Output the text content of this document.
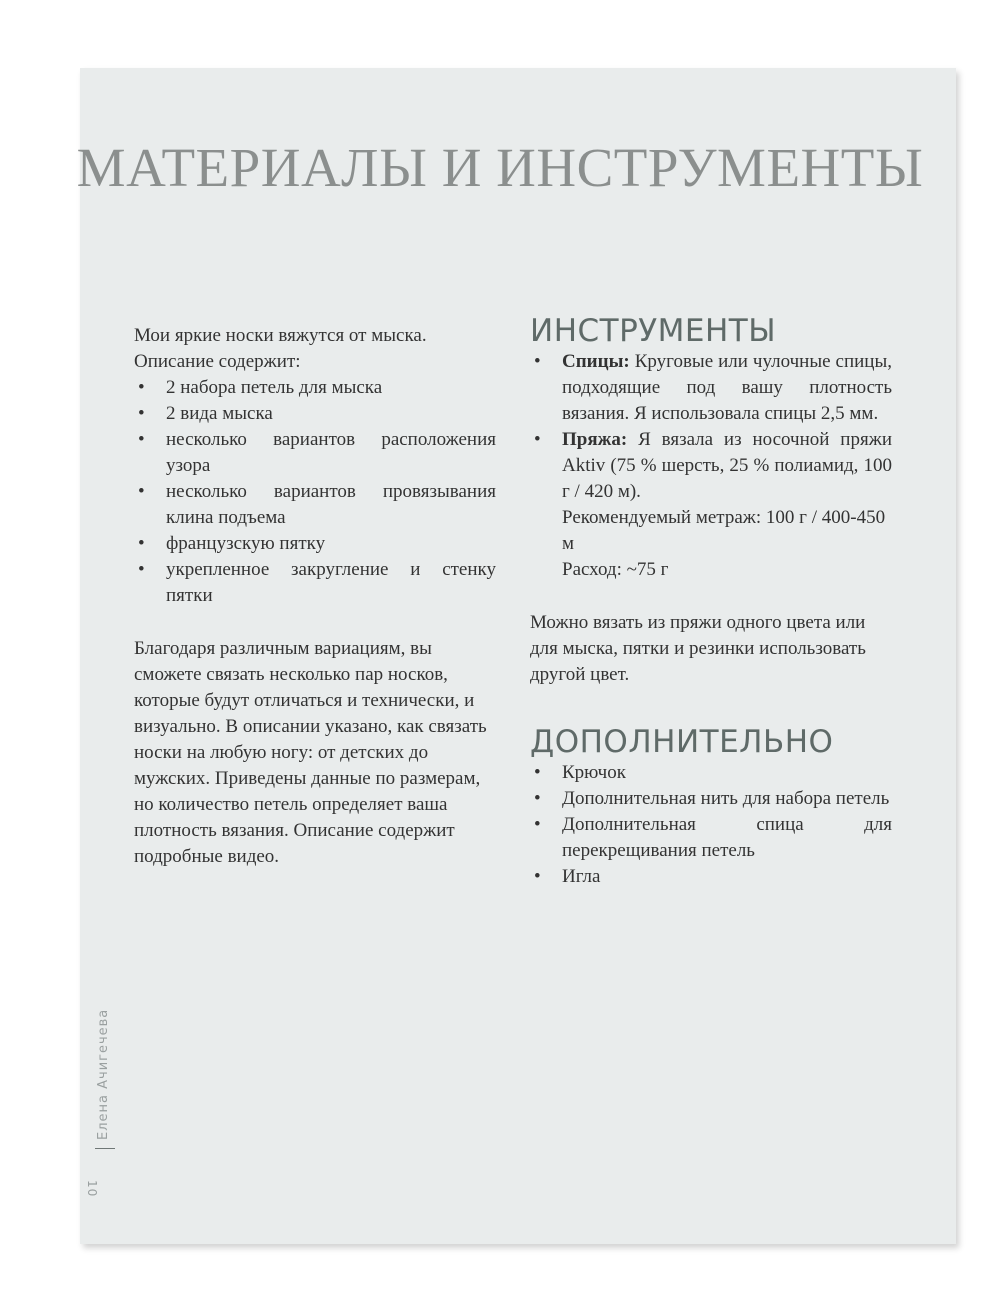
МАТЕРИАЛЫ И ИНСТРУМЕНТЫ

Мои яркие носки вяжутся от мыска. Описание содержит:

• 2 набора петель для мыска
• 2 вида мыска
• несколько вариантов расположения узора
• несколько вариантов провязывания клина подъема
• французскую пятку
• укрепленное закругление и стенку пятки

Благодаря различным вариациям, вы сможете связать несколько пар носков, которые будут отличаться и технически, и визуально. В описании указано, как связать носки на любую ногу: от детских до мужских. Приведены данные по размерам, но количество петель определяет ваша плотность вязания. Описание содержит подробные видео.

ИНСТРУМЕНТЫ
• Спицы: Круговые или чулочные спицы, подходящие под вашу плотность вязания. Я использовала спицы 2,5 мм.
• Пряжа: Я вязала из носочной пряжи Aktiv (75 % шерсть, 25 % полиамид, 100 г / 420 м).
Рекомендуемый метраж: 100 г / 400-450 м
Расход: ~75 г

Можно вязать из пряжи одного цвета или для мыска, пятки и резинки использовать другой цвет.

ДОПОЛНИТЕЛЬНО
• Крючок
• Дополнительная нить для набора петель
• Дополнительная спица для перекрещивания петель
• Игла
Елена Ачигечева
10
